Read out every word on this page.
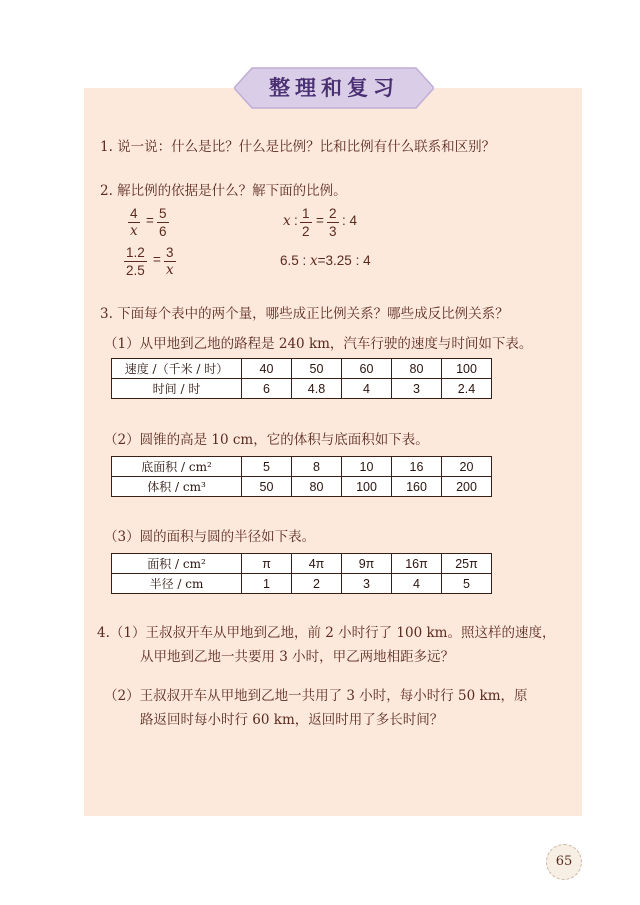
整理和复习
1. 说一说：什么是比？什么是比例？比和比例有什么联系和区别？
2. 解比例的依据是什么？解下面的比例。
$\frac{4}{x} = \frac{5}{6}$	x : $\frac{1}{2} = \frac{2}{3}$ : 4
$\frac{1.2}{2.5} = \frac{3}{x}$	6.5 : x=3.25 : 4
3. 下面每个表中的两个量，哪些成正比例关系？哪些成反比例关系？
（1）从甲地到乙地的路程是 240 km，汽车行驶的速度与时间如下表。
速度 /（千米 / 时）	40	50	60	80	100
时间 / 时	6	4.8	4	3	2.4
（2）圆锥的高是 10 cm，它的体积与底面积如下表。
底面积 / cm²	5	8	10	16	20
体积 / cm³	50	80	100	160	200
（3）圆的面积与圆的半径如下表。
面积 / cm²	π	4π	9π	16π	25π
半径 / cm	1	2	3	4	5
4.（1）王叔叔开车从甲地到乙地，前 2 小时行了 100 km。照这样的速度，
从甲地到乙地一共要用 3 小时，甲乙两地相距多远？
（2）王叔叔开车从甲地到乙地一共用了 3 小时，每小时行 50 km，原
路返回时每小时行 60 km，返回时用了多长时间？
65
